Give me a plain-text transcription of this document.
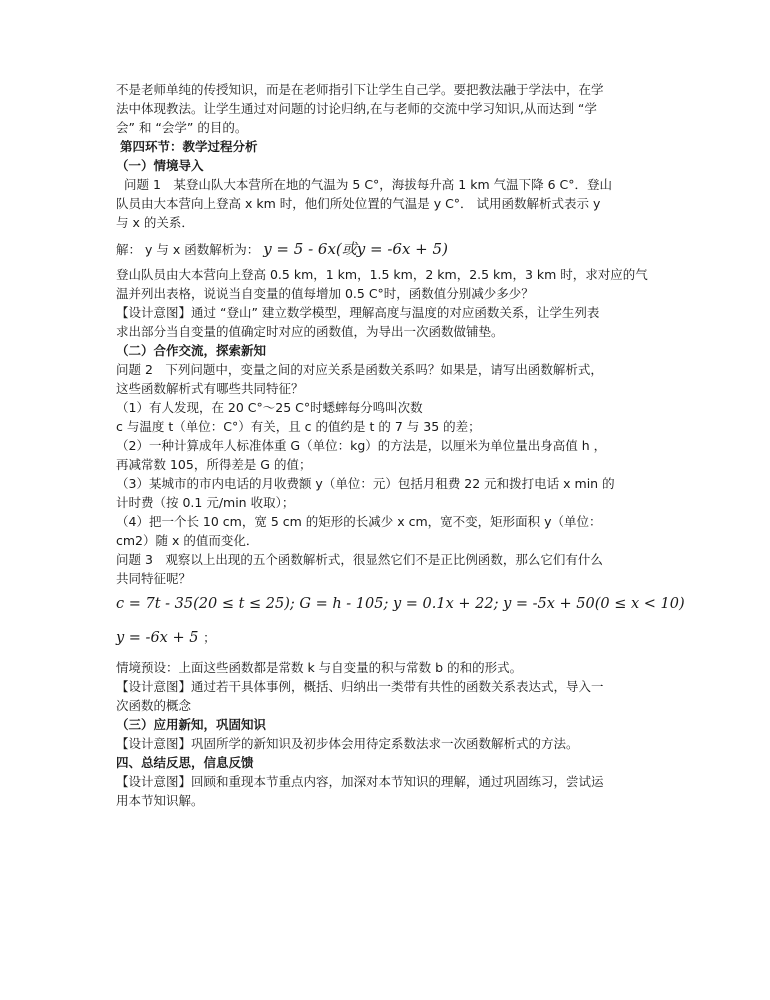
不是老师单纯的传授知识，而是在老师指引下让学生自己学。要把教法融于学法中，在学

法中体现教法。让学生通过对问题的讨论归纳,在与老师的交流中学习知识,从而达到 “学

会” 和 “会学” 的目的。

第四环节：教学过程分析

（一）情境导入

问题 1　某登山队大本营所在地的气温为 5 C°，海拔每升高 1 km 气温下降 6 C°．登山

队员由大本营向上登高 x km 时，他们所处位置的气温是 y C°． 试用函数解析式表示 y

与 x 的关系．

解： y 与 x 函数解析为： y = 5 - 6x(或y = -6x + 5)

登山队员由大本营向上登高 0.5 km，1 km，1.5 km，2 km，2.5 km，3 km 时，求对应的气

温并列出表格，说说当自变量的值每增加 0.5 C°时，函数值分别减少多少？

【设计意图】通过 “登山” 建立数学模型，理解高度与温度的对应函数关系，让学生列表

求出部分当自变量的值确定时对应的函数值，为导出一次函数做铺垫。

（二）合作交流，探索新知

问题 2　下列问题中，变量之间的对应关系是函数关系吗？如果是，请写出函数解析式，

这些函数解析式有哪些共同特征？

（1）有人发现，在 20 C°～25 C°时蟋蟀每分鸣叫次数

c 与温度 t（单位：C°）有关，且 c 的值约是 t 的 7 与 35 的差；

（2）一种计算成年人标准体重 G（单位：kg）的方法是，以厘米为单位量出身高值 h ，

再减常数 105，所得差是 G 的值；

（3）某城市的市内电话的月收费额 y（单位：元）包括月租费 22 元和拨打电话 x min 的

计时费（按 0.1 元/min 收取）；

（4）把一个长 10 cm，宽 5 cm 的矩形的长减少 x cm，宽不变，矩形面积 y（单位：

cm2）随 x 的值而变化．

问题 3　观察以上出现的五个函数解析式，很显然它们不是正比例函数，那么它们有什么

共同特征呢？

c = 7t - 35(20 ≤ t ≤ 25); G = h - 105; y = 0.1x + 22; y = -5x + 50(0 ≤ x < 10)

y = -6x + 5 ；

情境预设：上面这些函数都是常数 k 与自变量的积与常数 b 的和的形式。

【设计意图】通过若干具体事例，概括、归纳出一类带有共性的函数关系表达式，导入一

次函数的概念

（三）应用新知，巩固知识

【设计意图】巩固所学的新知识及初步体会用待定系数法求一次函数解析式的方法。

四、总结反思，信息反馈

【设计意图】回顾和重现本节重点内容，加深对本节知识的理解，通过巩固练习，尝试运

用本节知识解。
